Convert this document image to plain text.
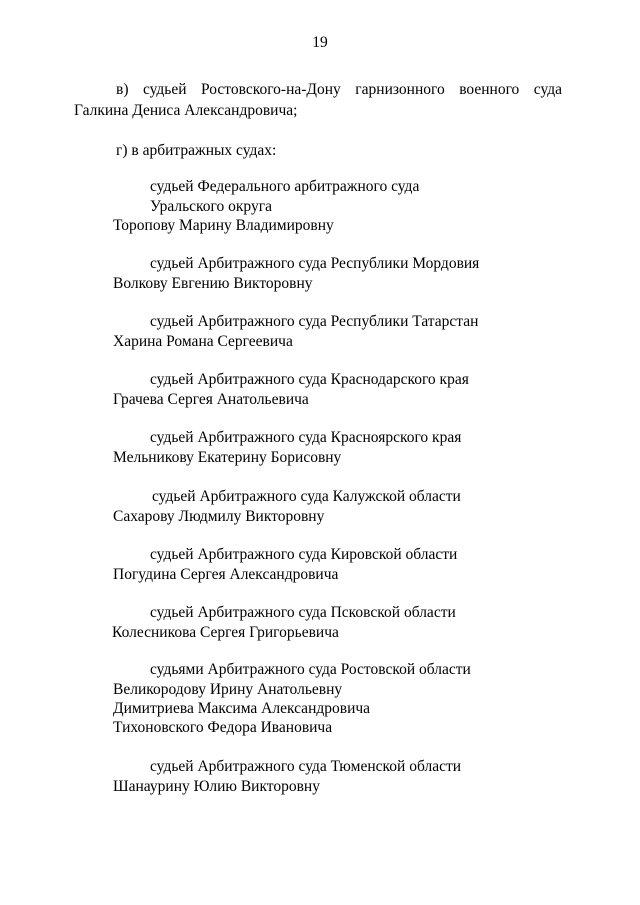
19
в) судьей Ростовского-на-Дону гарнизонного военного суда
Галкина Дениса Александровича;
г) в арбитражных судах:
судьей Федерального арбитражного суда
Уральского округа
Торопову Марину Владимировну
судьей Арбитражного суда Республики Мордовия
Волкову Евгению Викторовну
судьей Арбитражного суда Республики Татарстан
Харина Романа Сергеевича
судьей Арбитражного суда Краснодарского края
Грачева Сергея Анатольевича
судьей Арбитражного суда Красноярского края
Мельникову Екатерину Борисовну
судьей Арбитражного суда Калужской области
Сахарову Людмилу Викторовну
судьей Арбитражного суда Кировской области
Погудина Сергея Александровича
судьей Арбитражного суда Псковской области
Колесникова Сергея Григорьевича
судьями Арбитражного суда Ростовской области
Великородову Ирину Анатольевну
Димитриева Максима Александровича
Тихоновского Федора Ивановича
судьей Арбитражного суда Тюменской области
Шанаурину Юлию Викторовну
